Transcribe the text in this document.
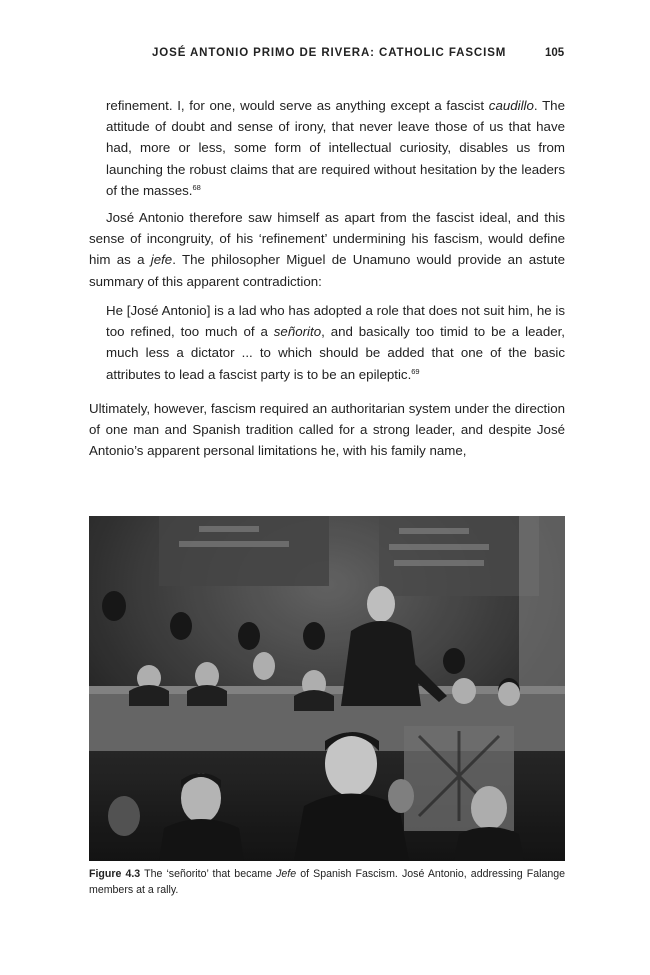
JOSÉ ANTONIO PRIMO DE RIVERA: CATHOLIC FASCISM	105
refinement. I, for one, would serve as anything except a fascist caudillo. The attitude of doubt and sense of irony, that never leave those of us that have had, more or less, some form of intellectual curiosity, disables us from launching the robust claims that are required without hesitation by the leaders of the masses.$^{68}$
José Antonio therefore saw himself as apart from the fascist ideal, and this sense of incongruity, of his ‘refinement’ undermining his fascism, would define him as a jefe. The philosopher Miguel de Unamuno would provide an astute summary of this apparent contradiction:
He [José Antonio] is a lad who has adopted a role that does not suit him, he is too refined, too much of a señorito, and basically too timid to be a leader, much less a dictator ... to which should be added that one of the basic attributes to lead a fascist party is to be an epileptic.$^{69}$
Ultimately, however, fascism required an authoritarian system under the direction of one man and Spanish tradition called for a strong leader, and despite José Antonio’s apparent personal limitations he, with his family name,
Figure 4.3 The ‘señorito’ that became Jefe of Spanish Fascism. José Antonio, addressing Falange members at a rally.
